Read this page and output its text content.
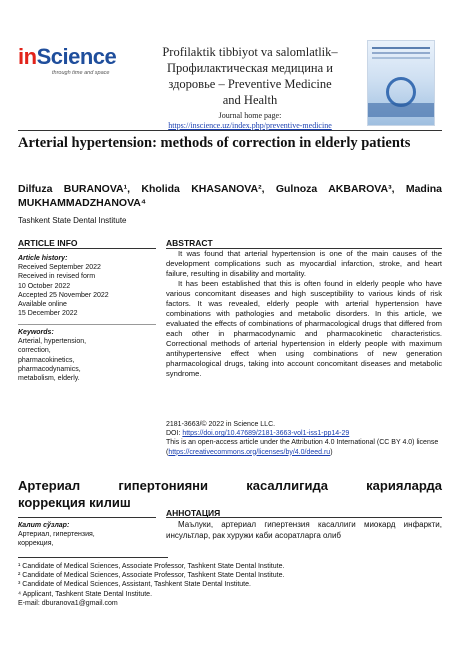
inScience
through time and space
Profilaktik tibbiyot va salomlatlik–
Профилактическая медицина и
здоровье – Preventive Medicine
and Health
Journal home page:
https://inscience.uz/index.php/preventive-medicine
Arterial hypertension: methods of correction in elderly patients
Dilfuza BURANOVA¹, Kholida KHASANOVA², Gulnoza AKBAROVA³, Madina MUKHAMMADZHANOVA⁴
Tashkent State Dental Institute
ARTICLE INFO	ABSTRACT
Article history:
Received September 2022
Received in revised form
10 October 2022
Accepted 25 November 2022
Available online
15 December 2022
Keywords:
Arterial, hypertension,
correction,
pharmacokinetics,
pharmacodynamics,
metabolism, elderly.

It was found that arterial hypertension is one of the main causes of the development complications such as myocardial infarction, stroke, and heart failure, resulting in disability and mortality.

It has been established that this is often found in elderly people who have various concomitant diseases and high susceptibility to various kinds of risk factors. It was revealed, elderly people with arterial hypertension have combinations with pathologies and metabolic disorders. In this article, we evaluated the effects of combinations of pharmacological drugs that differed from each other in pharmacodynamic and pharmacokinetic characteristics. Correctional methods of arterial hypertension in elderly people with maximum antihypertensive effect when using combinations of new generation pharmacological drugs, taking into account concomitant diseases and metabolic syndrome.

2181-3663/© 2022 in Science LLC.
DOI: https://doi.org/10.47689/2181-3663-vol1-iss1-pp14-29
This is an open-access article under the Attribution 4.0 International (CC BY 4.0) license (https://creativecommons.org/licenses/by/4.0/deed.ru)
Артериал гипертонияни касаллигида карияларда
коррекция килиш
АННОТАЦИЯ
Калит сўзлар:
Артериал, гипертензия,
коррекция,
Маълуки, артериал гипертензия касаллиги миокард инфаркти, инсультлар, рак хуружи каби асоратларга олиб
¹ Candidate of Medical Sciences, Associate Professor, Tashkent State Dental Institute.
² Candidate of Medical Sciences, Associate Professor, Tashkent State Dental Institute.
³ Candidate of Medical Sciences, Assistant, Tashkent State Dental Institute.
⁴ Applicant, Tashkent State Dental Institute.
E-mail: dburanova1@gmail.com
